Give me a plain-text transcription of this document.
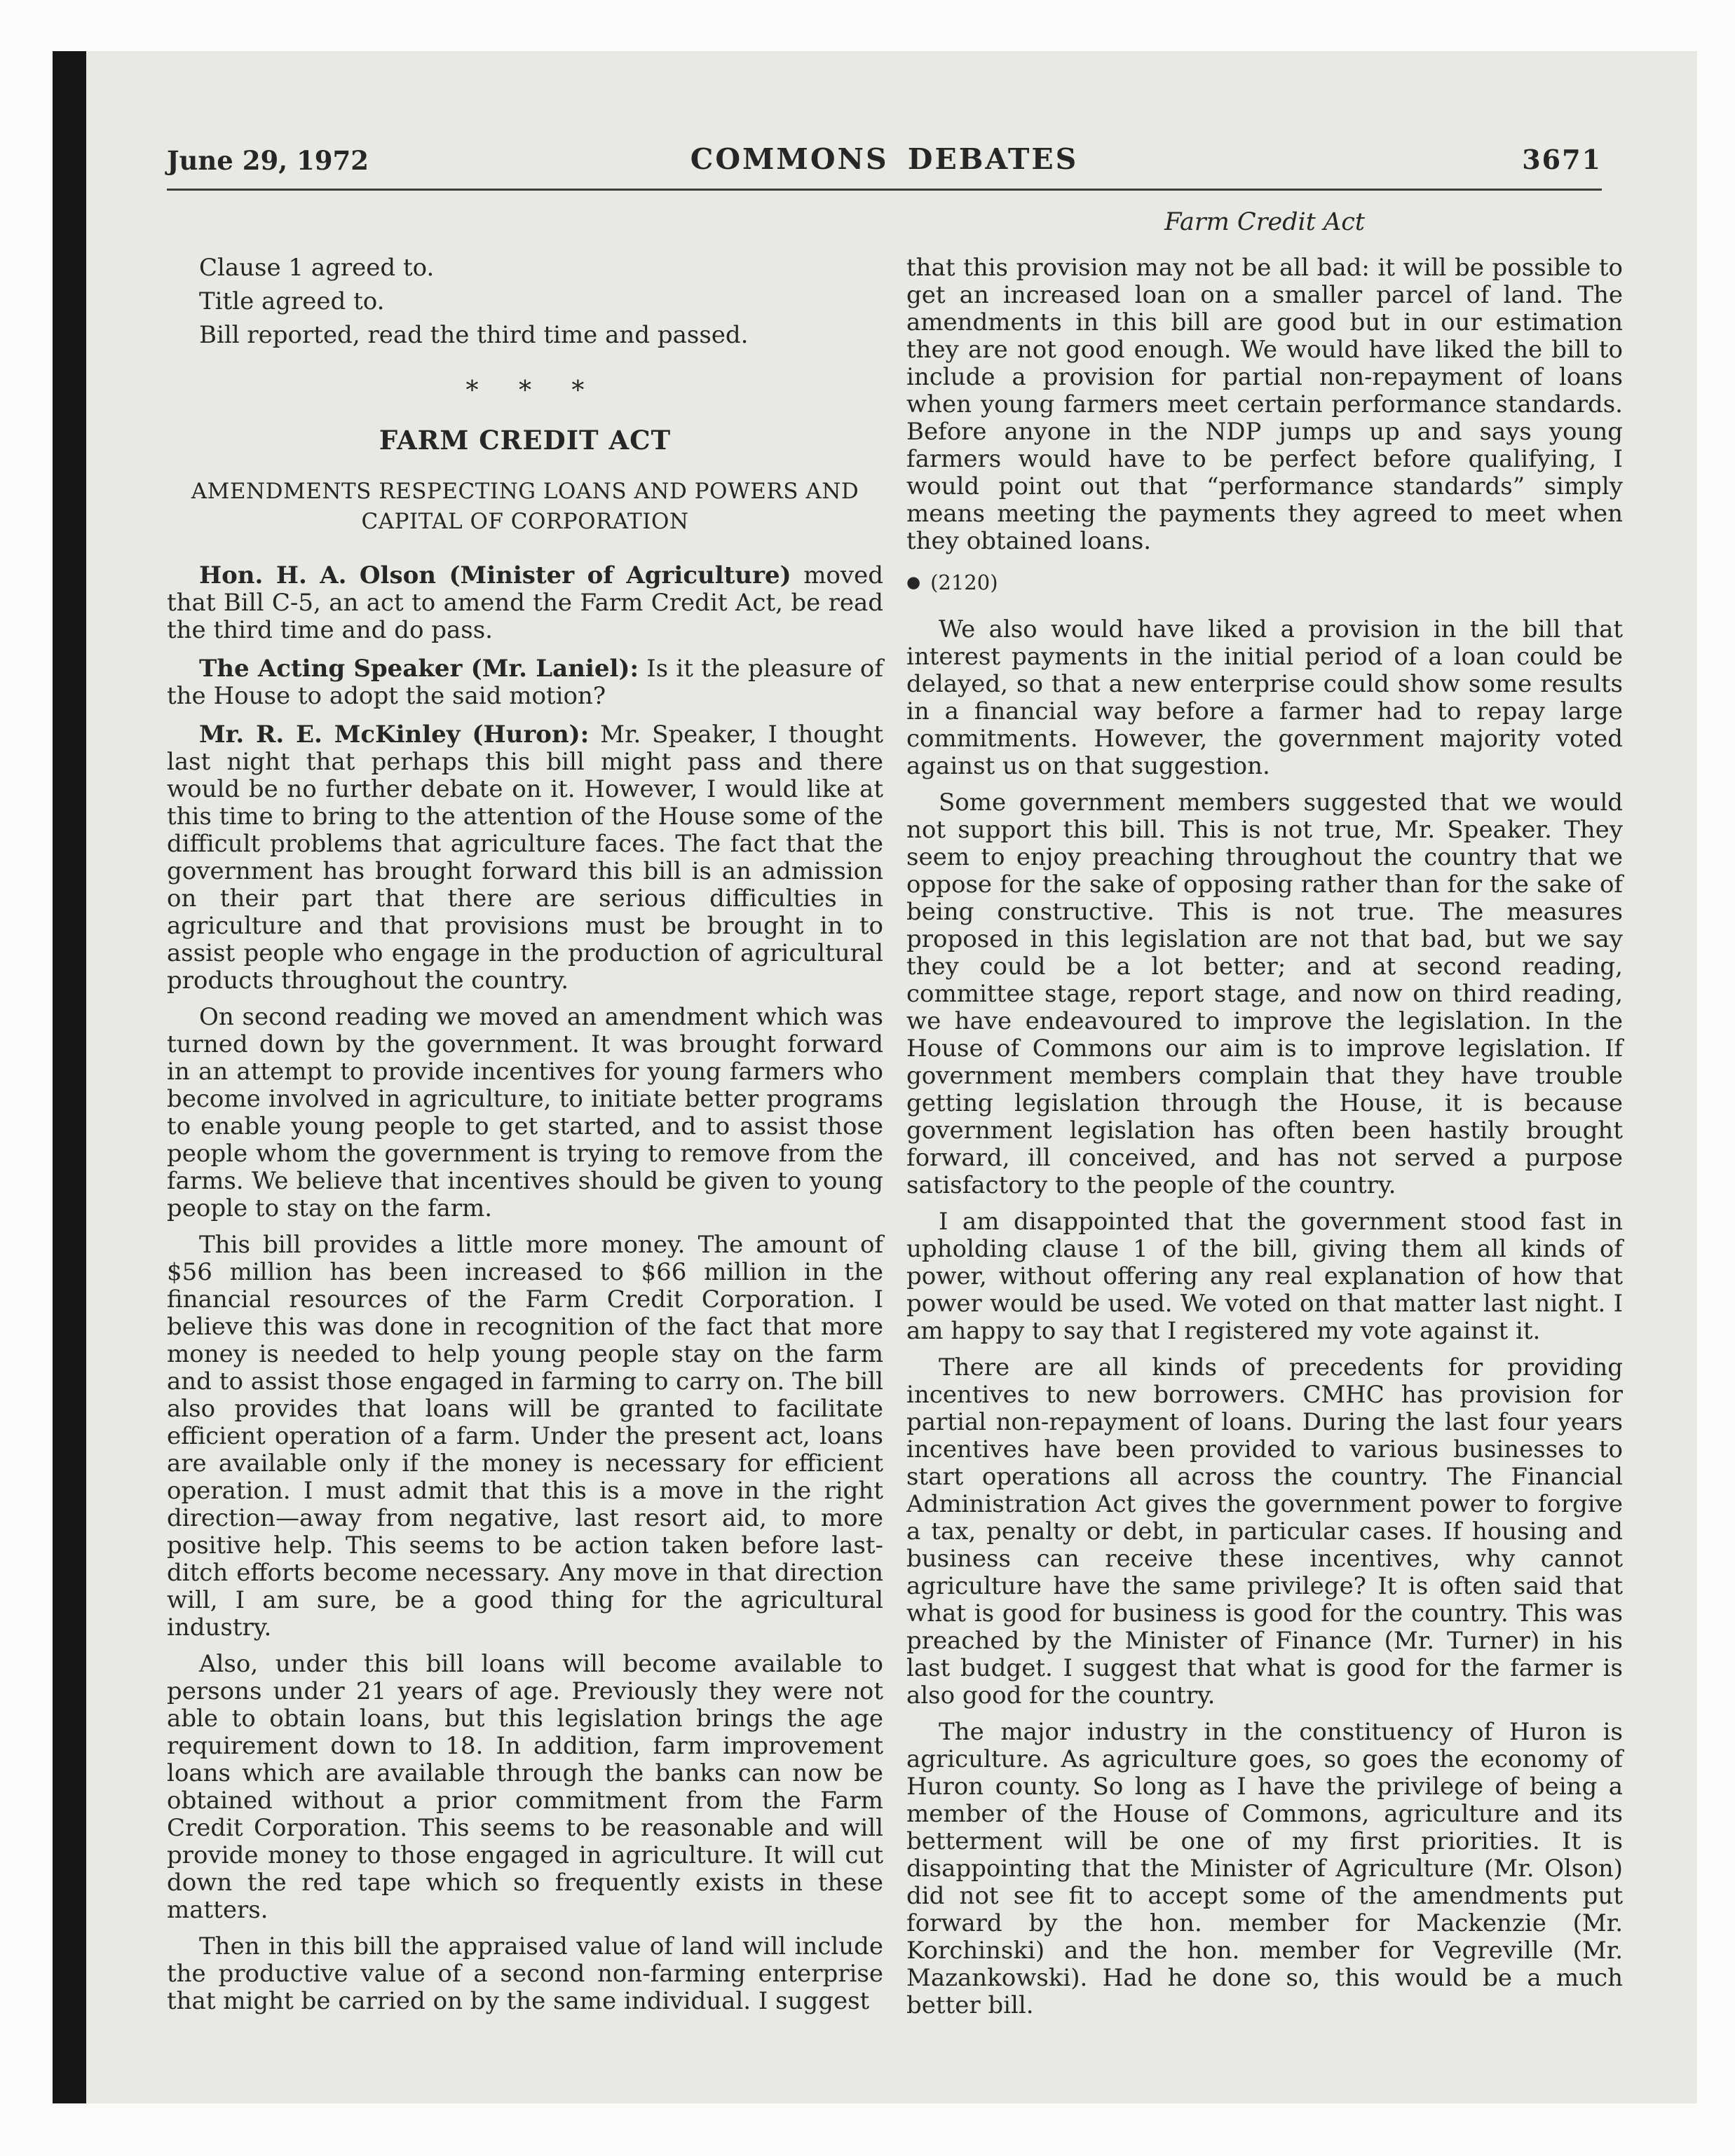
June 29, 1972	COMMONS DEBATES	3671
Clause 1 agreed to.
Title agreed to.
Bill reported, read the third time and passed.
* * *
FARM CREDIT ACT
AMENDMENTS RESPECTING LOANS AND POWERS AND CAPITAL OF CORPORATION
Hon. H. A. Olson (Minister of Agriculture) moved that Bill C-5, an act to amend the Farm Credit Act, be read the third time and do pass.
The Acting Speaker (Mr. Laniel): Is it the pleasure of the House to adopt the said motion?
Mr. R. E. McKinley (Huron): Mr. Speaker, I thought last night that perhaps this bill might pass and there would be no further debate on it. However, I would like at this time to bring to the attention of the House some of the difficult problems that agriculture faces. The fact that the government has brought forward this bill is an admission on their part that there are serious difficulties in agriculture and that provisions must be brought in to assist people who engage in the production of agricultural products throughout the country.
On second reading we moved an amendment which was turned down by the government. It was brought forward in an attempt to provide incentives for young farmers who become involved in agriculture, to initiate better programs to enable young people to get started, and to assist those people whom the government is trying to remove from the farms. We believe that incentives should be given to young people to stay on the farm.
This bill provides a little more money. The amount of $56 million has been increased to $66 million in the financial resources of the Farm Credit Corporation. I believe this was done in recognition of the fact that more money is needed to help young people stay on the farm and to assist those engaged in farming to carry on. The bill also provides that loans will be granted to facilitate efficient operation of a farm. Under the present act, loans are available only if the money is necessary for efficient operation. I must admit that this is a move in the right direction—away from negative, last resort aid, to more positive help. This seems to be action taken before last-ditch efforts become necessary. Any move in that direction will, I am sure, be a good thing for the agricultural industry.
Also, under this bill loans will become available to persons under 21 years of age. Previously they were not able to obtain loans, but this legislation brings the age requirement down to 18. In addition, farm improvement loans which are available through the banks can now be obtained without a prior commitment from the Farm Credit Corporation. This seems to be reasonable and will provide money to those engaged in agriculture. It will cut down the red tape which so frequently exists in these matters.
Then in this bill the appraised value of land will include the productive value of a second non-farming enterprise that might be carried on by the same individual. I suggest
Farm Credit Act
that this provision may not be all bad: it will be possible to get an increased loan on a smaller parcel of land. The amendments in this bill are good but in our estimation they are not good enough. We would have liked the bill to include a provision for partial non-repayment of loans when young farmers meet certain performance standards. Before anyone in the NDP jumps up and says young farmers would have to be perfect before qualifying, I would point out that “performance standards” simply means meeting the payments they agreed to meet when they obtained loans.
● (2120)
We also would have liked a provision in the bill that interest payments in the initial period of a loan could be delayed, so that a new enterprise could show some results in a financial way before a farmer had to repay large commitments. However, the government majority voted against us on that suggestion.
Some government members suggested that we would not support this bill. This is not true, Mr. Speaker. They seem to enjoy preaching throughout the country that we oppose for the sake of opposing rather than for the sake of being constructive. This is not true. The measures proposed in this legislation are not that bad, but we say they could be a lot better; and at second reading, committee stage, report stage, and now on third reading, we have endeavoured to improve the legislation. In the House of Commons our aim is to improve legislation. If government members complain that they have trouble getting legislation through the House, it is because government legislation has often been hastily brought forward, ill conceived, and has not served a purpose satisfactory to the people of the country.
I am disappointed that the government stood fast in upholding clause 1 of the bill, giving them all kinds of power, without offering any real explanation of how that power would be used. We voted on that matter last night. I am happy to say that I registered my vote against it.
There are all kinds of precedents for providing incentives to new borrowers. CMHC has provision for partial non-repayment of loans. During the last four years incentives have been provided to various businesses to start operations all across the country. The Financial Administration Act gives the government power to forgive a tax, penalty or debt, in particular cases. If housing and business can receive these incentives, why cannot agriculture have the same privilege? It is often said that what is good for business is good for the country. This was preached by the Minister of Finance (Mr. Turner) in his last budget. I suggest that what is good for the farmer is also good for the country.
The major industry in the constituency of Huron is agriculture. As agriculture goes, so goes the economy of Huron county. So long as I have the privilege of being a member of the House of Commons, agriculture and its betterment will be one of my first priorities. It is disappointing that the Minister of Agriculture (Mr. Olson) did not see fit to accept some of the amendments put forward by the hon. member for Mackenzie (Mr. Korchinski) and the hon. member for Vegreville (Mr. Mazankowski). Had he done so, this would be a much better bill.
